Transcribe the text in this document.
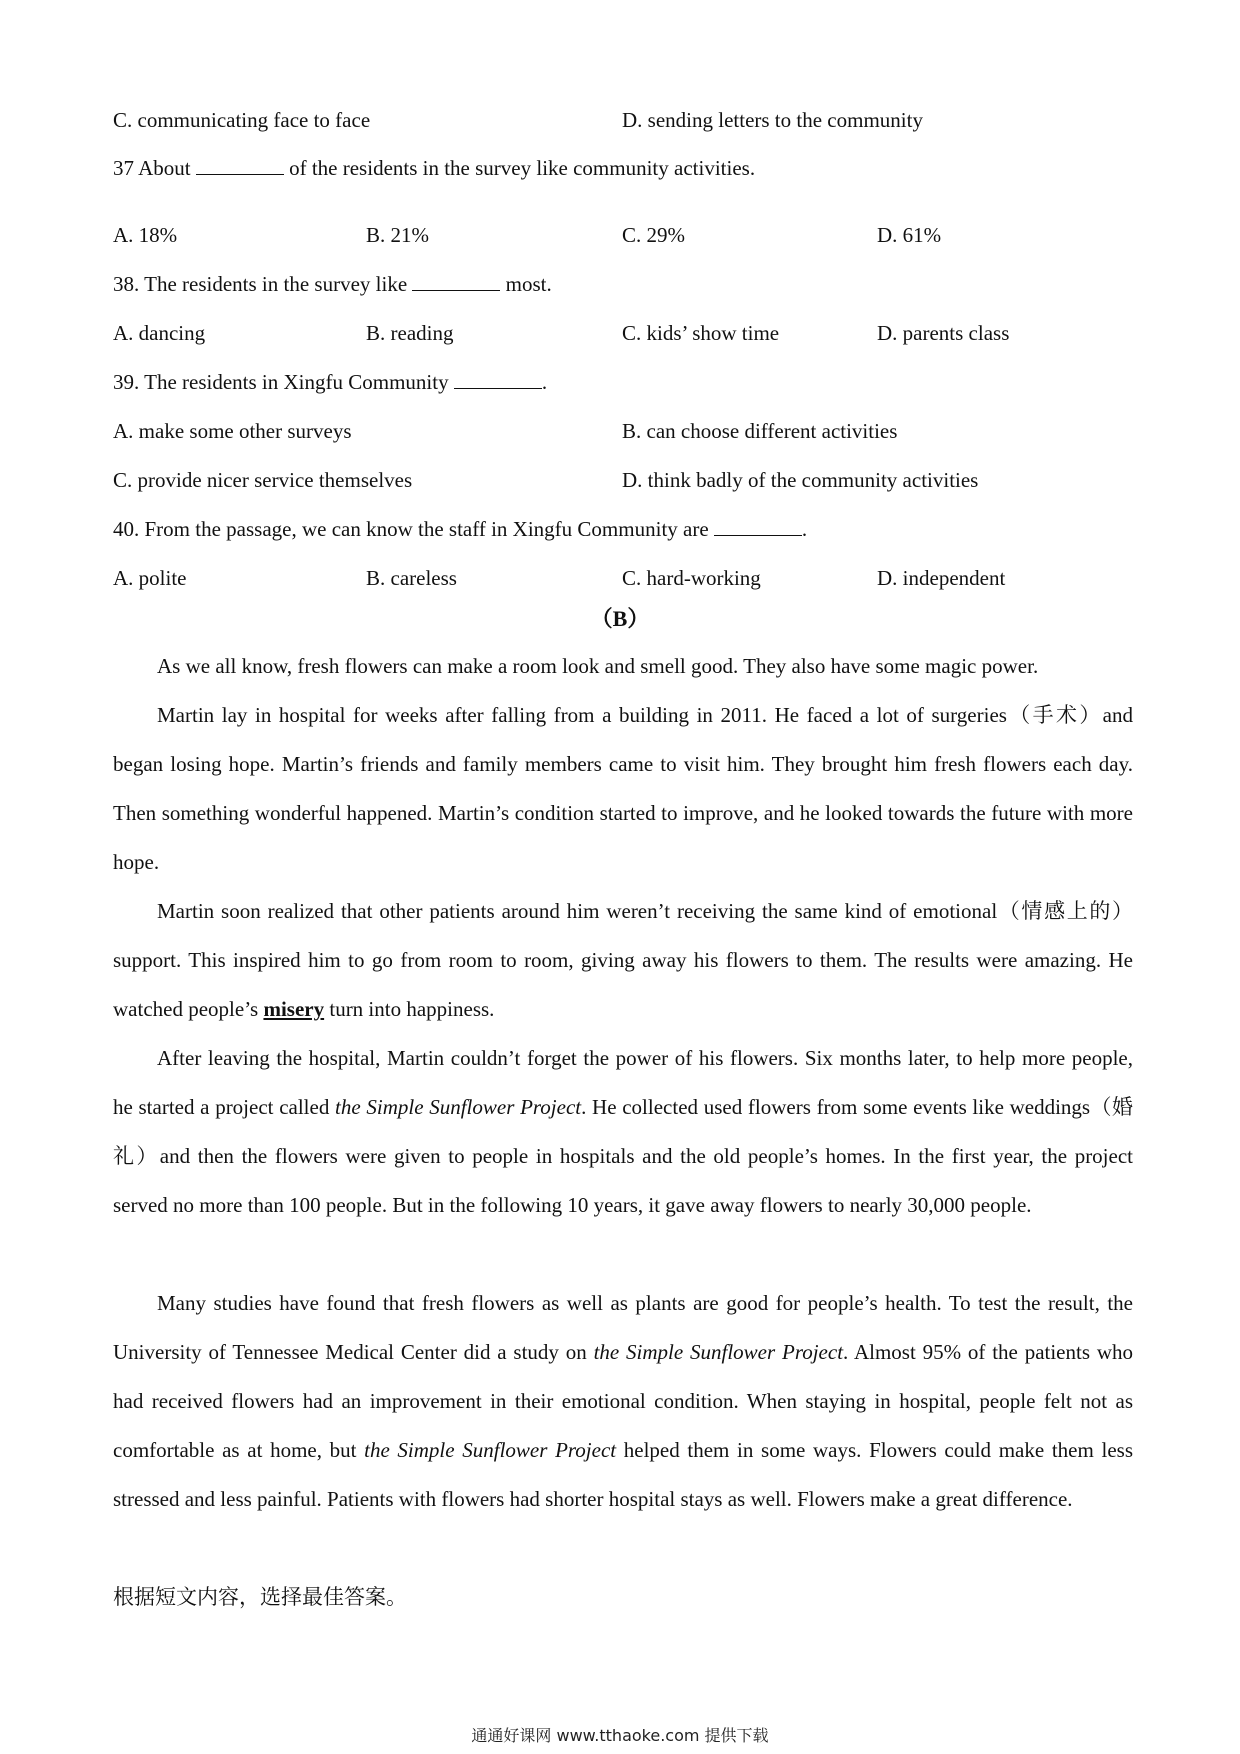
C. communicating face to face	D. sending letters to the community
37 About	of the residents in the survey like community activities.
A. 18%	B. 21%	C. 29%	D. 61%
38. The residents in the survey like	most.
A. dancing	B. reading	C. kids’ show time	D. parents class
39. The residents in Xingfu Community	.
A. make some other surveys	B. can choose different activities
C. provide nicer service themselves	D. think badly of the community activities
40. From the passage, we can know the staff in Xingfu Community are	.
A. polite	B. careless	C. hard-working	D. independent
（B）
As we all know, fresh flowers can make a room look and smell good. They also have some magic power.
Martin lay in hospital for weeks after falling from a building in 2011. He faced a lot of surgeries（手术）and began losing hope. Martin’s friends and family members came to visit him. They brought him fresh flowers each day. Then something wonderful happened. Martin’s condition started to improve, and he looked towards the future with more hope.
Martin soon realized that other patients around him weren’t receiving the same kind of emotional（情感上的）support. This inspired him to go from room to room, giving away his flowers to them. The results were amazing. He watched people’s misery turn into happiness.
After leaving the hospital, Martin couldn’t forget the power of his flowers. Six months later, to help more people, he started a project called the Simple Sunflower Project. He collected used flowers from some events like weddings（婚礼）and then the flowers were given to people in hospitals and the old people’s homes. In the first year, the project served no more than 100 people. But in the following 10 years, it gave away flowers to nearly 30,000 people.
Many studies have found that fresh flowers as well as plants are good for people’s health. To test the result, the University of Tennessee Medical Center did a study on the Simple Sunflower Project. Almost 95% of the patients who had received flowers had an improvement in their emotional condition. When staying in hospital, people felt not as comfortable as at home, but the Simple Sunflower Project helped them in some ways. Flowers could make them less stressed and less painful. Patients with flowers had shorter hospital stays as well. Flowers make a great difference.
根据短文内容，选择最佳答案。
通通好课网 www.tthaoke.com 提供下载
